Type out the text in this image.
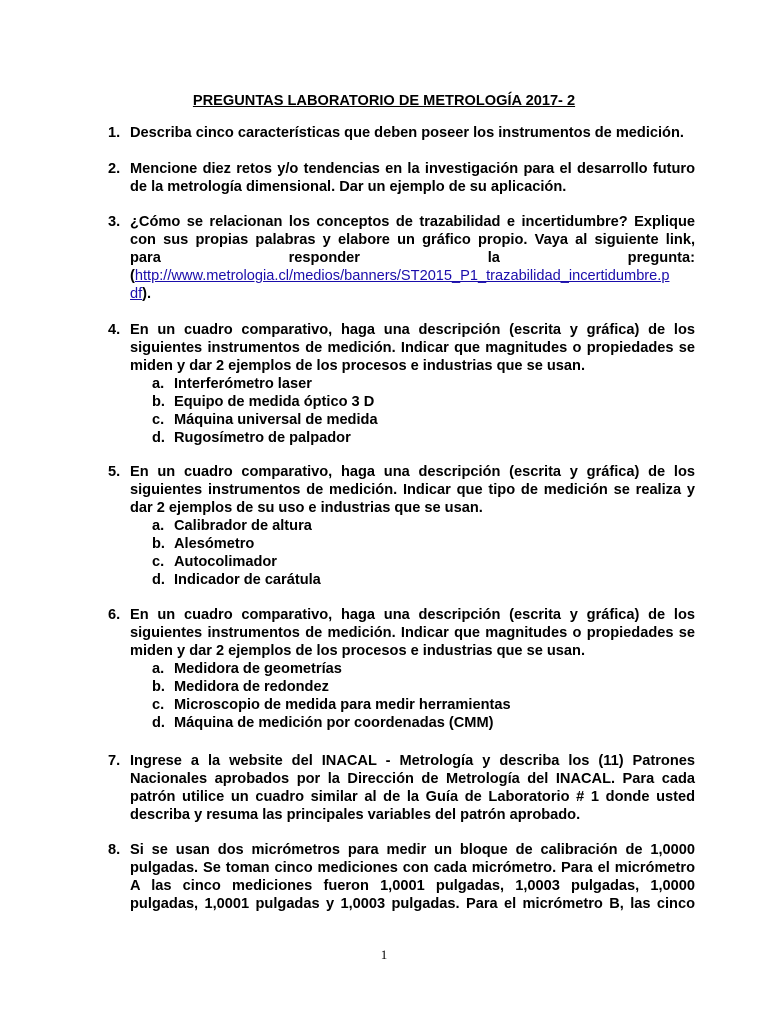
PREGUNTAS LABORATORIO DE METROLOGÍA 2017- 2
1. Describa cinco características que deben poseer los instrumentos de medición.
2. Mencione diez retos y/o tendencias en la investigación para el desarrollo futuro
de la metrología dimensional. Dar un ejemplo de su aplicación.
3. ¿Cómo se relacionan los conceptos de trazabilidad e incertidumbre? Explique
con sus propias palabras y elabore un gráfico propio. Vaya al siguiente link,
para	responder	la	pregunta:
(http://www.metrologia.cl/medios/banners/ST2015_P1_trazabilidad_incertidumbre.p
df).
4. En un cuadro comparativo, haga una descripción (escrita y gráfica) de los
siguientes instrumentos de medición. Indicar que magnitudes o propiedades se
miden y dar 2 ejemplos de los procesos e industrias que se usan.
a. Interferómetro laser
b. Equipo de medida óptico 3 D
c. Máquina universal de medida
d. Rugosímetro de palpador
5. En un cuadro comparativo, haga una descripción (escrita y gráfica) de los
siguientes instrumentos de medición. Indicar que tipo de medición se realiza y
dar 2 ejemplos de su uso e industrias que se usan.
a. Calibrador de altura
b. Alesómetro
c. Autocolimador
d. Indicador de carátula
6. En un cuadro comparativo, haga una descripción (escrita y gráfica) de los
siguientes instrumentos de medición. Indicar que magnitudes o propiedades se
miden y dar 2 ejemplos de los procesos e industrias que se usan.
a. Medidora de geometrías
b. Medidora de redondez
c. Microscopio de medida para medir herramientas
d. Máquina de medición por coordenadas (CMM)
7. Ingrese a la website del INACAL - Metrología y describa los (11) Patrones
Nacionales aprobados por la Dirección de Metrología del INACAL. Para cada
patrón utilice un cuadro similar al de la Guía de Laboratorio # 1 donde usted
describa y resuma las principales variables del patrón aprobado.
8. Si se usan dos micrómetros para medir un bloque de calibración de 1,0000
pulgadas. Se toman cinco mediciones con cada micrómetro. Para el micrómetro
A las cinco mediciones fueron 1,0001 pulgadas, 1,0003 pulgadas, 1,0000
pulgadas, 1,0001 pulgadas y 1,0003 pulgadas. Para el micrómetro B, las cinco
1
